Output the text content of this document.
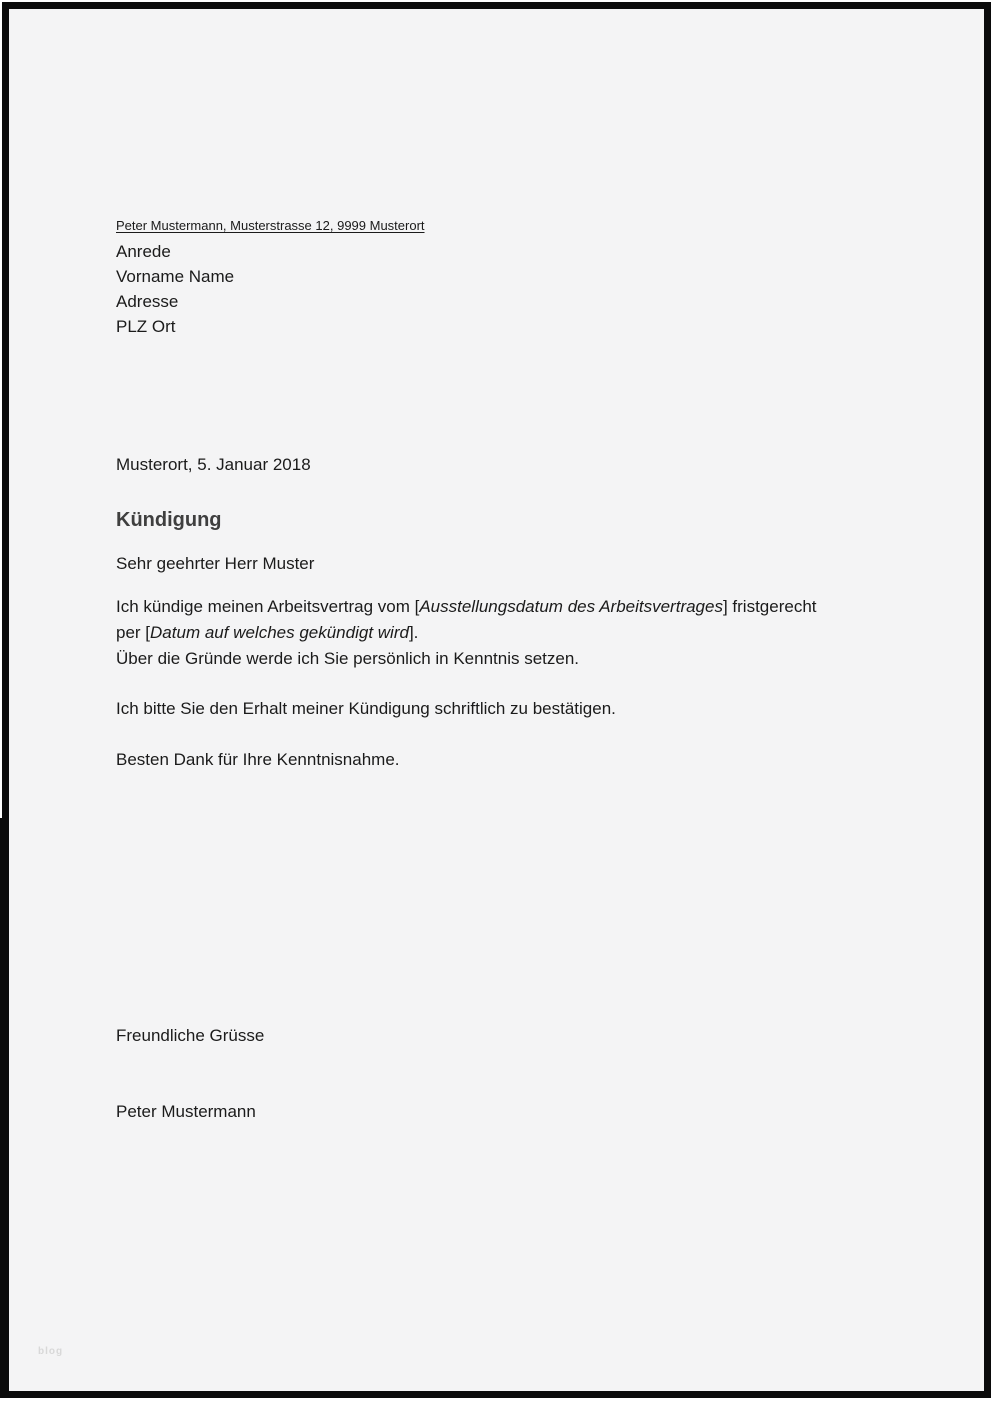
Peter Mustermann, Musterstrasse 12, 9999 Musterort
Anrede
Vorname Name
Adresse
PLZ Ort
Musterort, 5. Januar 2018
Kündigung
Sehr geehrter Herr Muster
Ich kündige meinen Arbeitsvertrag vom [Ausstellungsdatum des Arbeitsvertrages] fristgerecht
per [Datum auf welches gekündigt wird].
Über die Gründe werde ich Sie persönlich in Kenntnis setzen.
Ich bitte Sie den Erhalt meiner Kündigung schriftlich zu bestätigen.
Besten Dank für Ihre Kenntnisnahme.
Freundliche Grüsse
Peter Mustermann
blog
